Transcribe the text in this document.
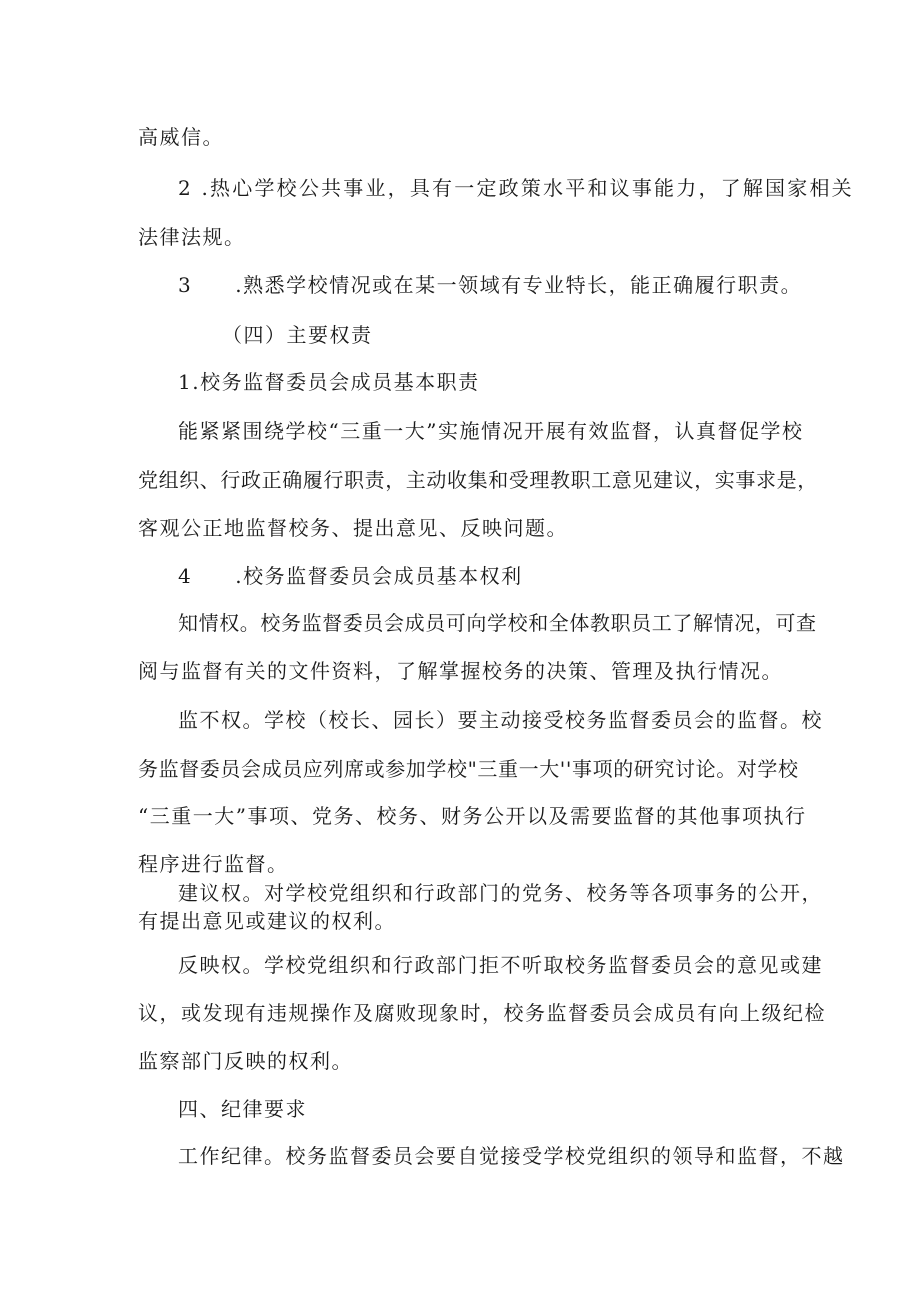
高威信。
2 .热心学校公共事业，具有一定政策水平和议事能力，了解国家相关
法律法规。
3　　.熟悉学校情况或在某一领域有专业特长，能正确履行职责。
（四）主要权责
1.校务监督委员会成员基本职责
能紧紧围绕学校“三重一大”实施情况开展有效监督，认真督促学校
党组织、行政正确履行职责，主动收集和受理教职工意见建议，实事求是，
客观公正地监督校务、提出意见、反映问题。
4　　.校务监督委员会成员基本权利
知情权。校务监督委员会成员可向学校和全体教职员工了解情况，可查
阅与监督有关的文件资料，了解掌握校务的决策、管理及执行情况。
监不权。学校（校长、园长）要主动接受校务监督委员会的监督。校
务监督委员会成员应列席或参加学校"三重一大''事项的研究讨论。对学校
“三重一大”事项、党务、校务、财务公开以及需要监督的其他事项执行
程序进行监督。
建议权。对学校党组织和行政部门的党务、校务等各项事务的公开，
有提出意见或建议的权利。
反映权。学校党组织和行政部门拒不听取校务监督委员会的意见或建
议，或发现有违规操作及腐败现象时，校务监督委员会成员有向上级纪检
监察部门反映的权利。
四、纪律要求
工作纪律。校务监督委员会要自觉接受学校党组织的领导和监督，不越
